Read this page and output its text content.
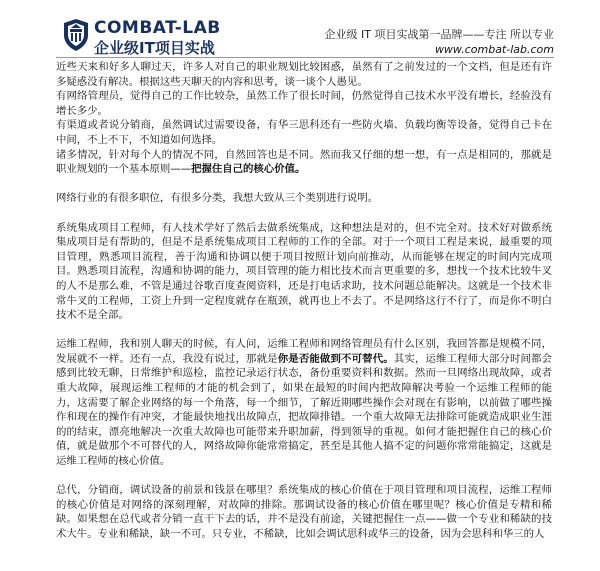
COMBAT-LAB
企业级IT项目实战
企业级 IT 项目实战第一品牌——专注 所以专业
www.combat-lab.com

近些天来和好多人聊过天，许多人对自己的职业规划比较困惑，虽然有了之前发过的一个文档，但是还有许多疑惑没有解决。根据这些天聊天的内容和思考，谈一谈个人愚见。

有网络管理员，觉得自己的工作比较杂，虽然工作了很长时间，仍然觉得自己技术水平没有增长，经验没有增长多少。

有渠道或者说分销商，虽然调试过需要设备，有华三思科还有一些防火墙、负载均衡等设备，觉得自己卡在中间，不上不下，不知道如何选择。

诸多情况，针对每个人的情况不同，自然回答也是不同。然而我又仔细的想一想，有一点是相同的，那就是职业规划的一个基本原则——把握住自己的核心价值。

网络行业的有很多职位，有很多分类，我想大致从三个类别进行说明。

系统集成项目工程师，有人技术学好了然后去做系统集成，这种想法是对的，但不完全对。技术好对做系统集成项目是有帮助的，但是不是系统集成项目工程师的工作的全部。对于一个项目工程是来说，最重要的项目管理，熟悉项目流程，善于沟通和协调以便于项目按照计划向前推动，从而能够在规定的时间内完成项目。熟悉项目流程，沟通和协调的能力，项目管理的能力相比技术而言更重要的多，想找一个技术比较牛叉的人不是那么难，不管是通过谷歌百度查阅资料，还是打电话求助，技术问题总能解决。这就是一个技术非常牛叉的工程师，工资上升到一定程度就存在瓶颈，就再也上不去了。不是网络这行不行了，而是你不明白技术不是全部。

运维工程师，我和别人聊天的时候，有人问，运维工程师和网络管理员有什么区别，我回答都是规模不同，发展就不一样。还有一点，我没有说过，那就是你是否能做到不可替代。其实，运维工程师大部分时间都会感到比较无聊，日常维护和巡检，监控记录运行状态，备份重要资料和数据。然而一旦网络出现故障，或者重大故障，展现运维工程师的才能的机会到了，如果在最短的时间内把故障解决考验一个运维工程师的能力，这需要了解企业网络的每一个角落，每一个细节，了解近期哪些操作会对现在有影响，以前做了哪些操作和现在的操作有冲突，才能最快地找出故障点，把故障排错。一个重大故障无法排除可能就造成职业生涯的的结束，漂亮地解决一次重大故障也可能带来升职加薪，得到领导的重视。如何才能把握住自己的核心价值，就是做那个不可替代的人，网络故障你能常常搞定，甚至是其他人搞不定的问题你常常能搞定，这就是运维工程师的核心价值。

总代，分销商，调试设备的前景和钱景在哪里？系统集成的核心价值在于项目管理和项目流程，运维工程师的核心价值是对网络的深刻理解，对故障的排除。那调试设备的核心价值在哪里呢？核心价值是专精和稀缺。如果想在总代或者分销一直干下去的话，并不是没有前途，关键把握住一点——做一个专业和稀缺的技术大牛。专业和稀缺，缺一不可。只专业，不稀缺，比如会调试思科或华三的设备，因为会思科和华三的人
